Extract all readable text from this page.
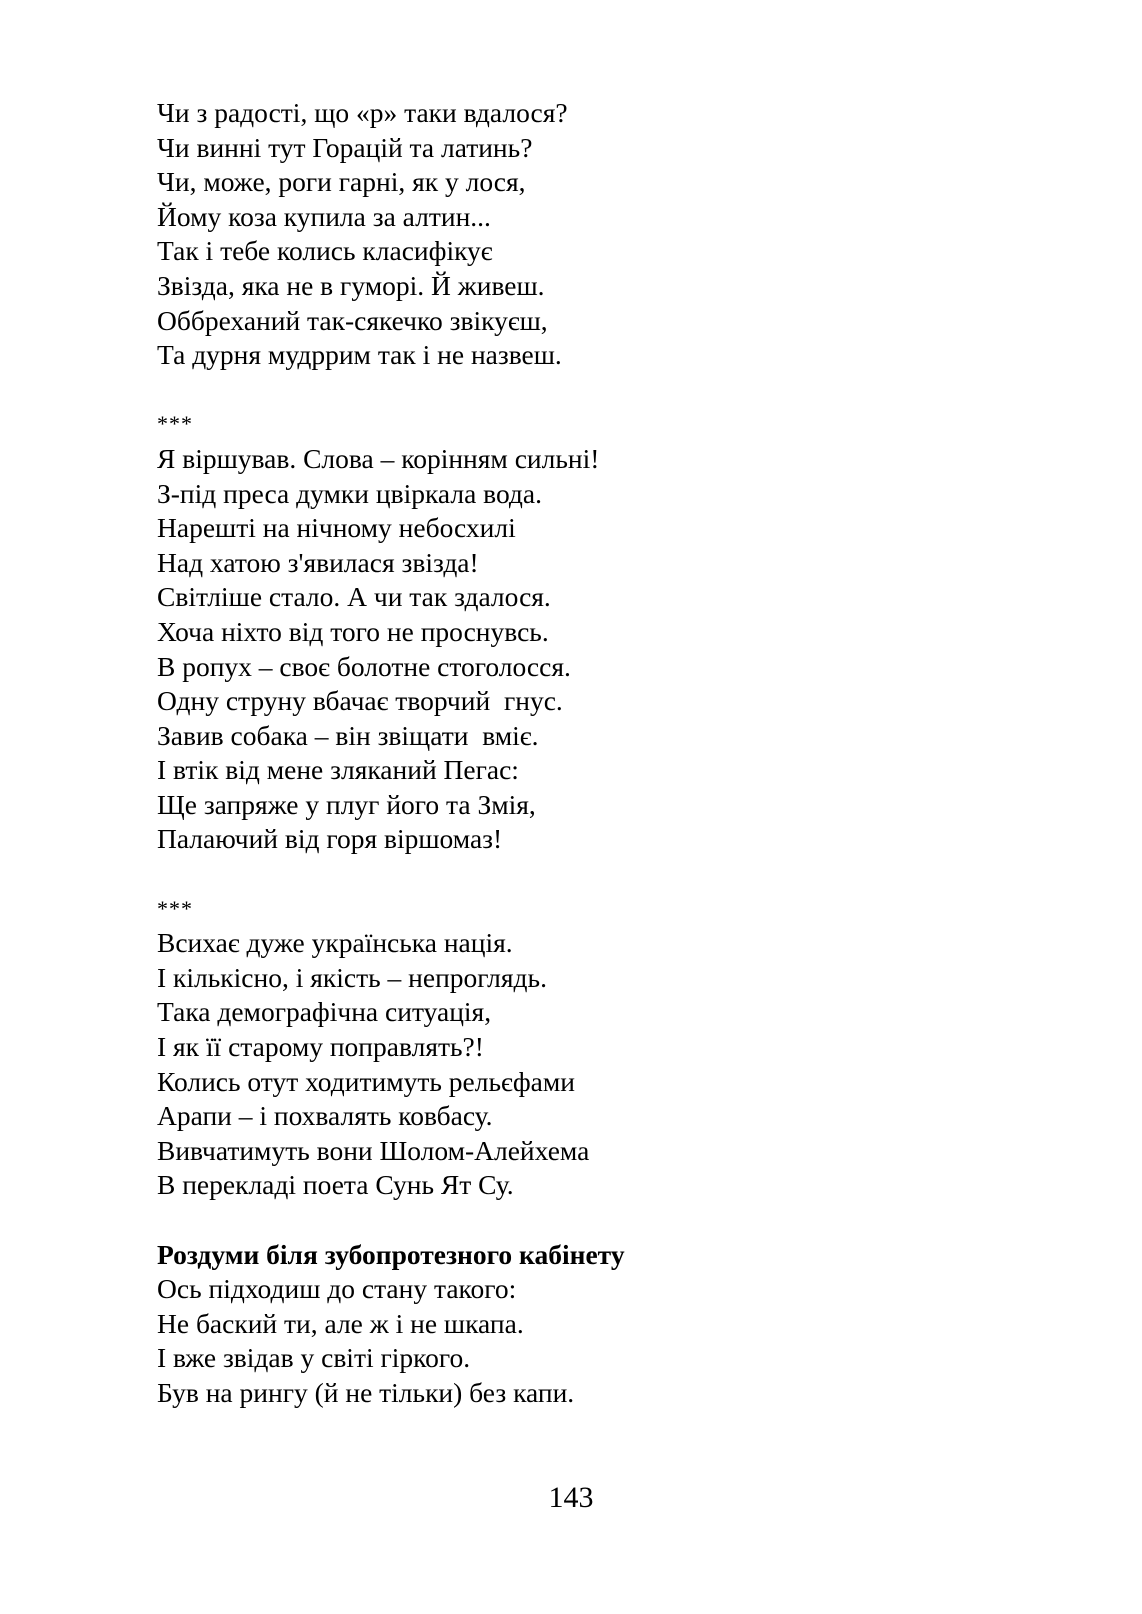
Чи з радості, що «р» таки вдалося?
Чи винні тут Горацій та латинь?
Чи, може, роги гарні, як у лося,
Йому коза купила за алтин...
Так і тебе колись класифікує
Звізда, яка не в гуморі. Й живеш.
Оббреханий так-сякечко звікуєш,
Та дурня мудррим так і не назвеш.
***
Я віршував. Слова – корінням сильні!
З-під преса думки цвіркала вода.
Нарешті на нічному небосхилі
Над хатою з'явилася звізда!
Світліше стало. А чи так здалося.
Хоча ніхто від того не проснувсь.
В ропух – своє болотне стоголосся.
Одну струну вбачає творчий  гнус.
Завив собака – він звіщати  вміє.
І втік від мене зляканий Пегас:
Ще запряже у плуг його та Змія,
Палаючий від горя віршомаз!
***
Всихає дуже українська нація.
І кількісно, і якість – непроглядь.
Така демографічна ситуація,
І як її старому поправлять?!
Колись отут ходитимуть рельєфами
Арапи – і похвалять ковбасу.
Вивчатимуть вони Шолом-Алейхема
В перекладі поета Сунь Ят Су.
Роздуми біля зубопротезного кабінету
Ось підходиш до стану такого:
Не баский ти, але ж і не шкапа.
І вже звідав у світі гіркого.
Був на рингу (й не тільки) без капи.
143
